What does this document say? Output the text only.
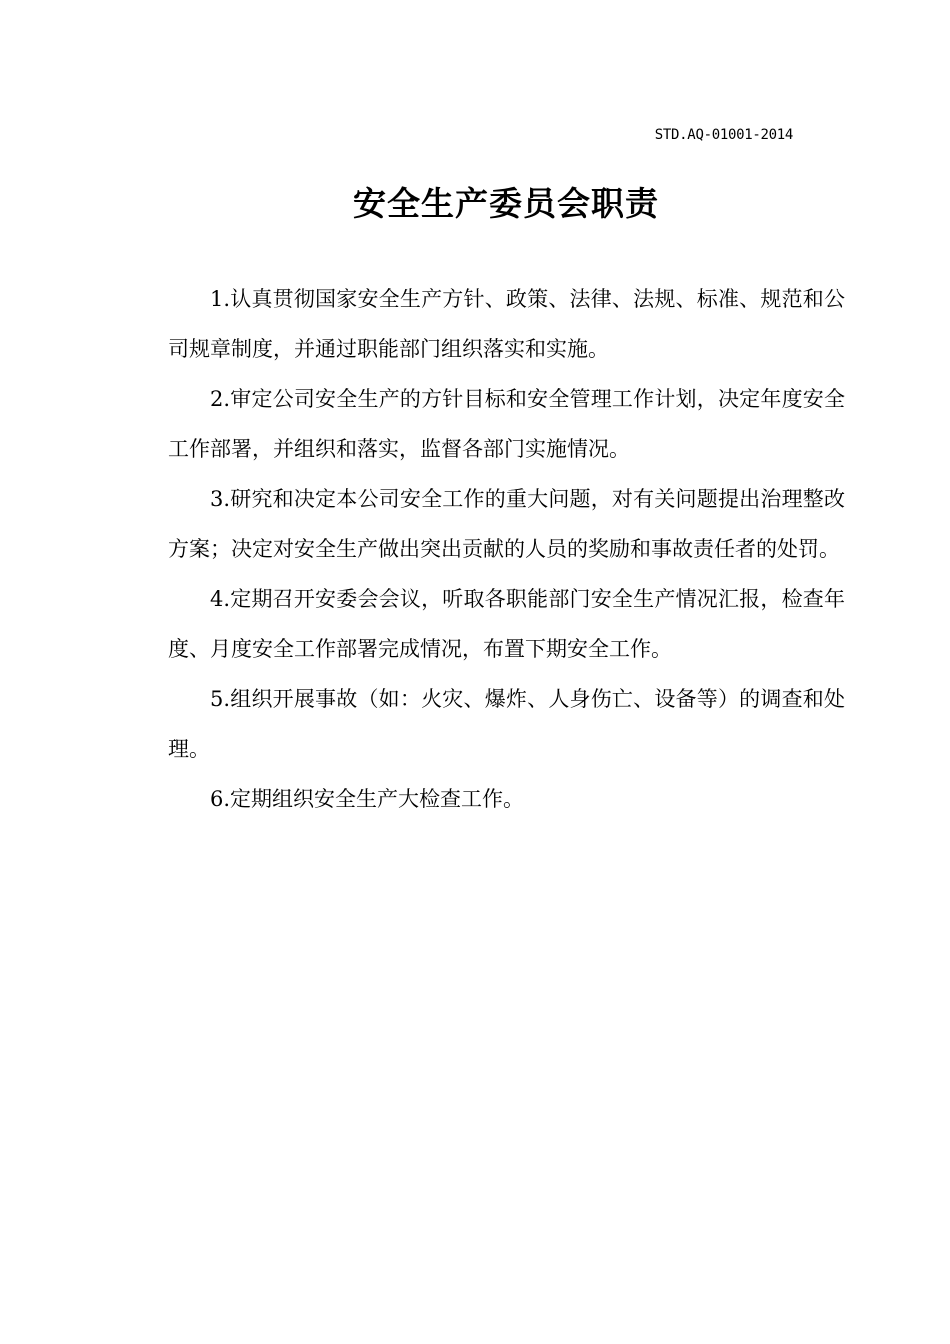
STD.AQ-01001-2014
安全生产委员会职责

1.认真贯彻国家安全生产方针、政策、法律、法规、标准、规范和公司规章制度，并通过职能部门组织落实和实施。

2.审定公司安全生产的方针目标和安全管理工作计划，决定年度安全工作部署，并组织和落实，监督各部门实施情况。

3.研究和决定本公司安全工作的重大问题，对有关问题提出治理整改方案；决定对安全生产做出突出贡献的人员的奖励和事故责任者的处罚。

4.定期召开安委会会议，听取各职能部门安全生产情况汇报，检查年度、月度安全工作部署完成情况，布置下期安全工作。

5.组织开展事故（如：火灾、爆炸、人身伤亡、设备等）的调查和处理。

6.定期组织安全生产大检查工作。
